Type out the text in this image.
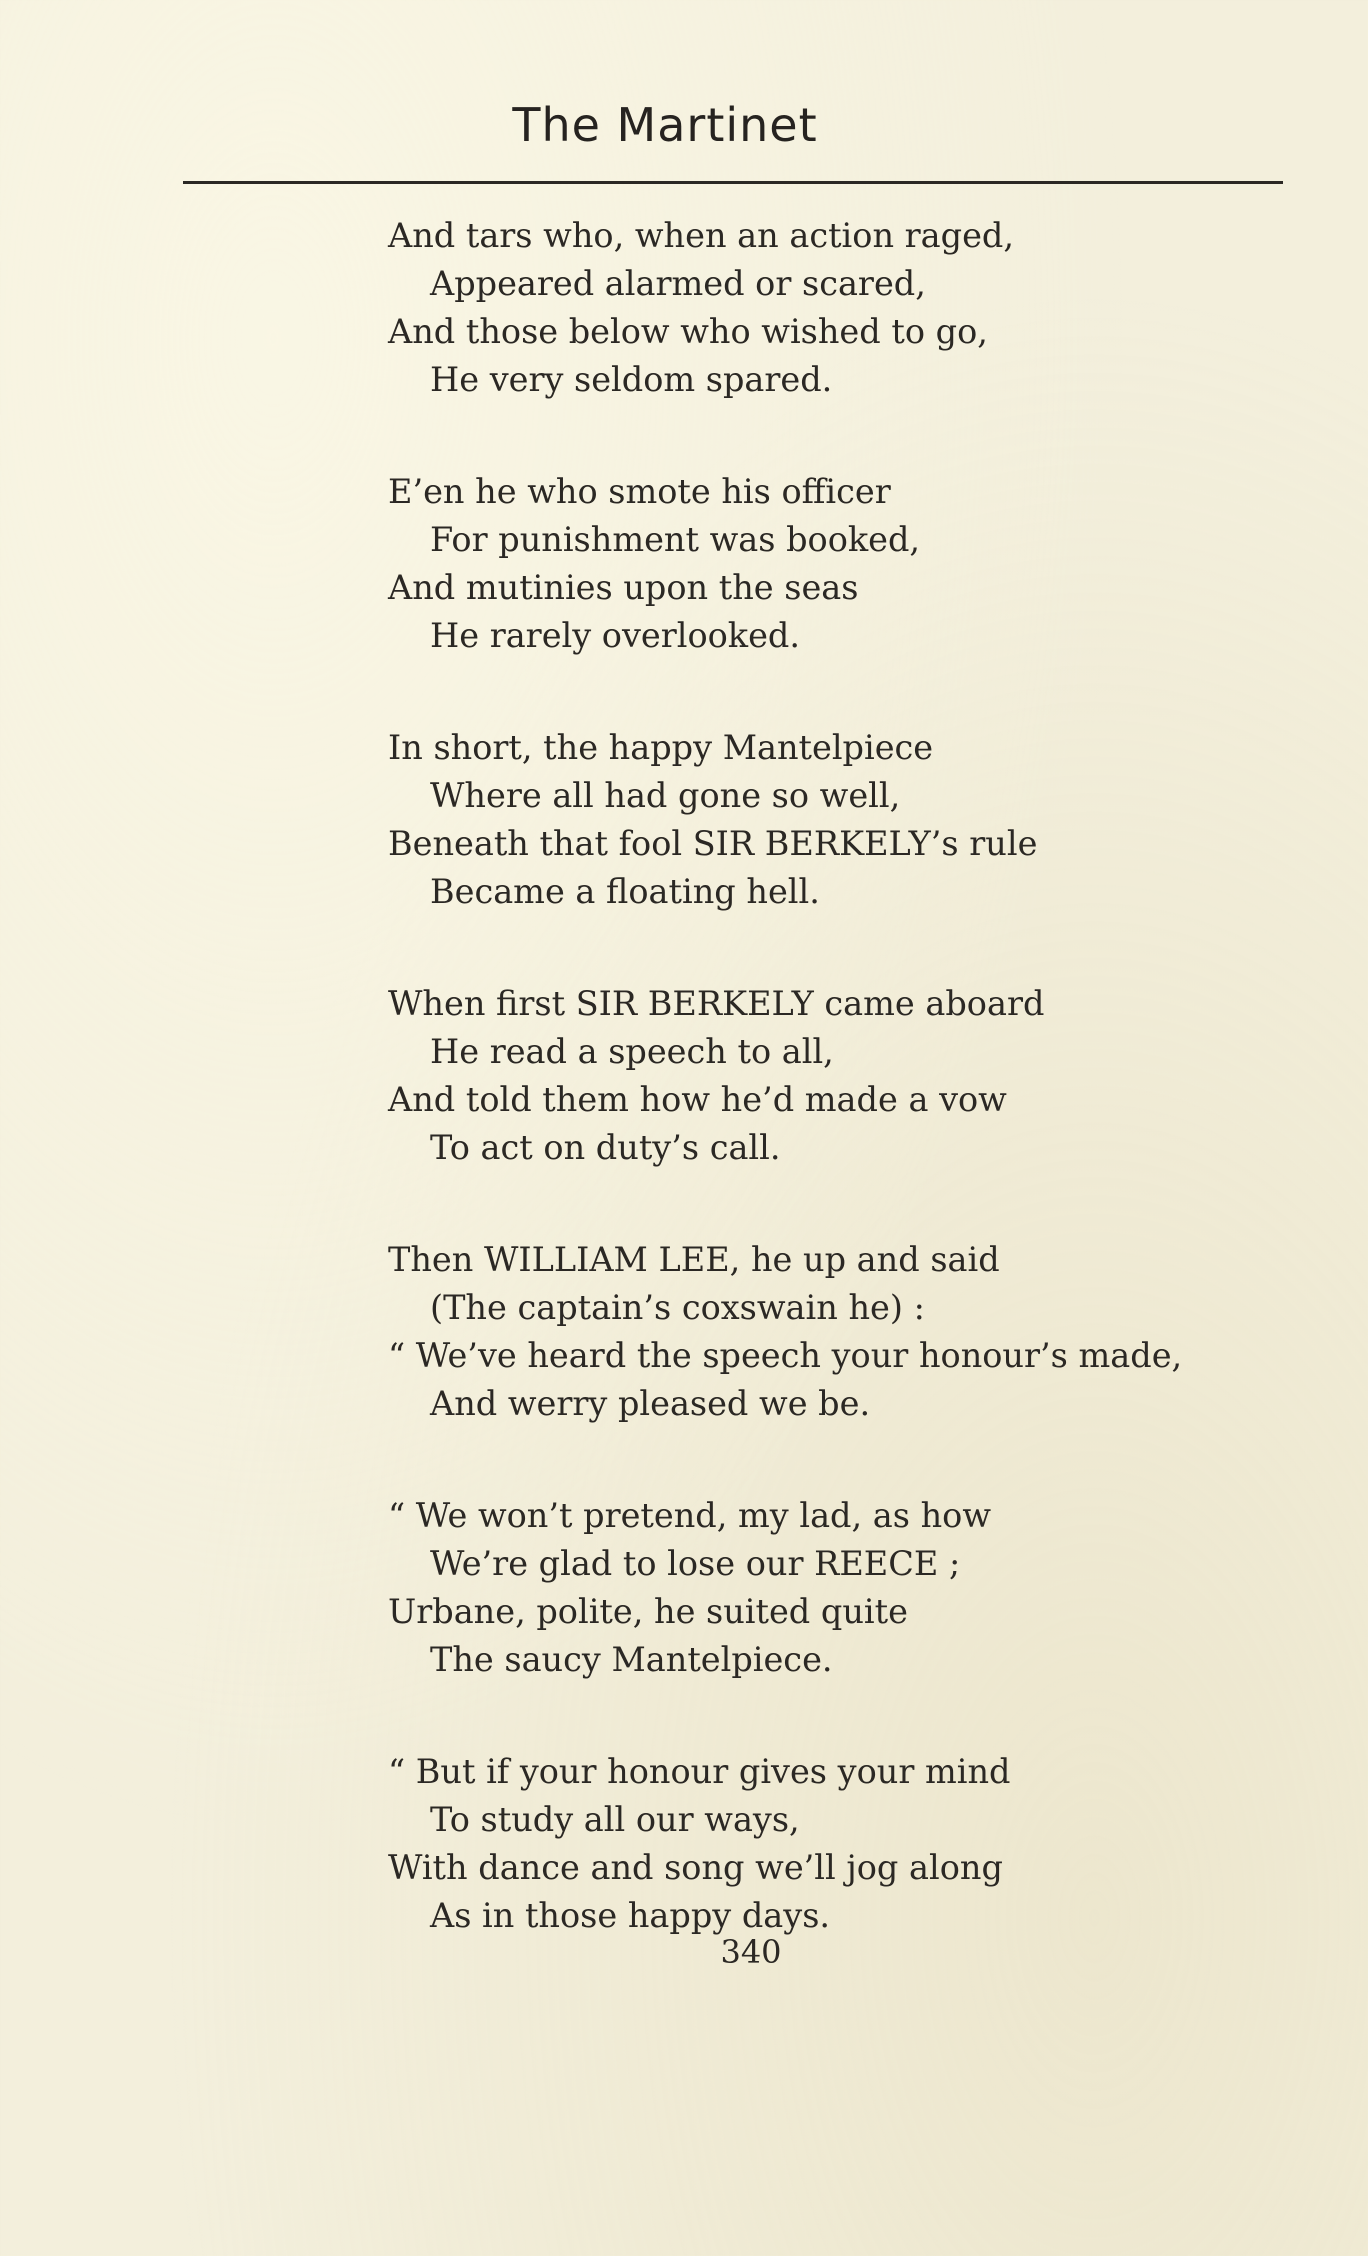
The Martinet
And tars who, when an action raged,
Appeared alarmed or scared,
And those below who wished to go,
He very seldom spared.
E’en he who smote his officer
For punishment was booked,
And mutinies upon the seas
He rarely overlooked.
In short, the happy Mantelpiece
Where all had gone so well,
Beneath that fool SIR BERKELY’s rule
Became a floating hell.
When first SIR BERKELY came aboard
He read a speech to all,
And told them how he’d made a vow
To act on duty’s call.
Then WILLIAM LEE, he up and said
(The captain’s coxswain he) :
“ We’ve heard the speech your honour’s made,
And werry pleased we be.
“ We won’t pretend, my lad, as how
We’re glad to lose our REECE ;
Urbane, polite, he suited quite
The saucy Mantelpiece.
“ But if your honour gives your mind
To study all our ways,
With dance and song we’ll jog along
As in those happy days.
340
